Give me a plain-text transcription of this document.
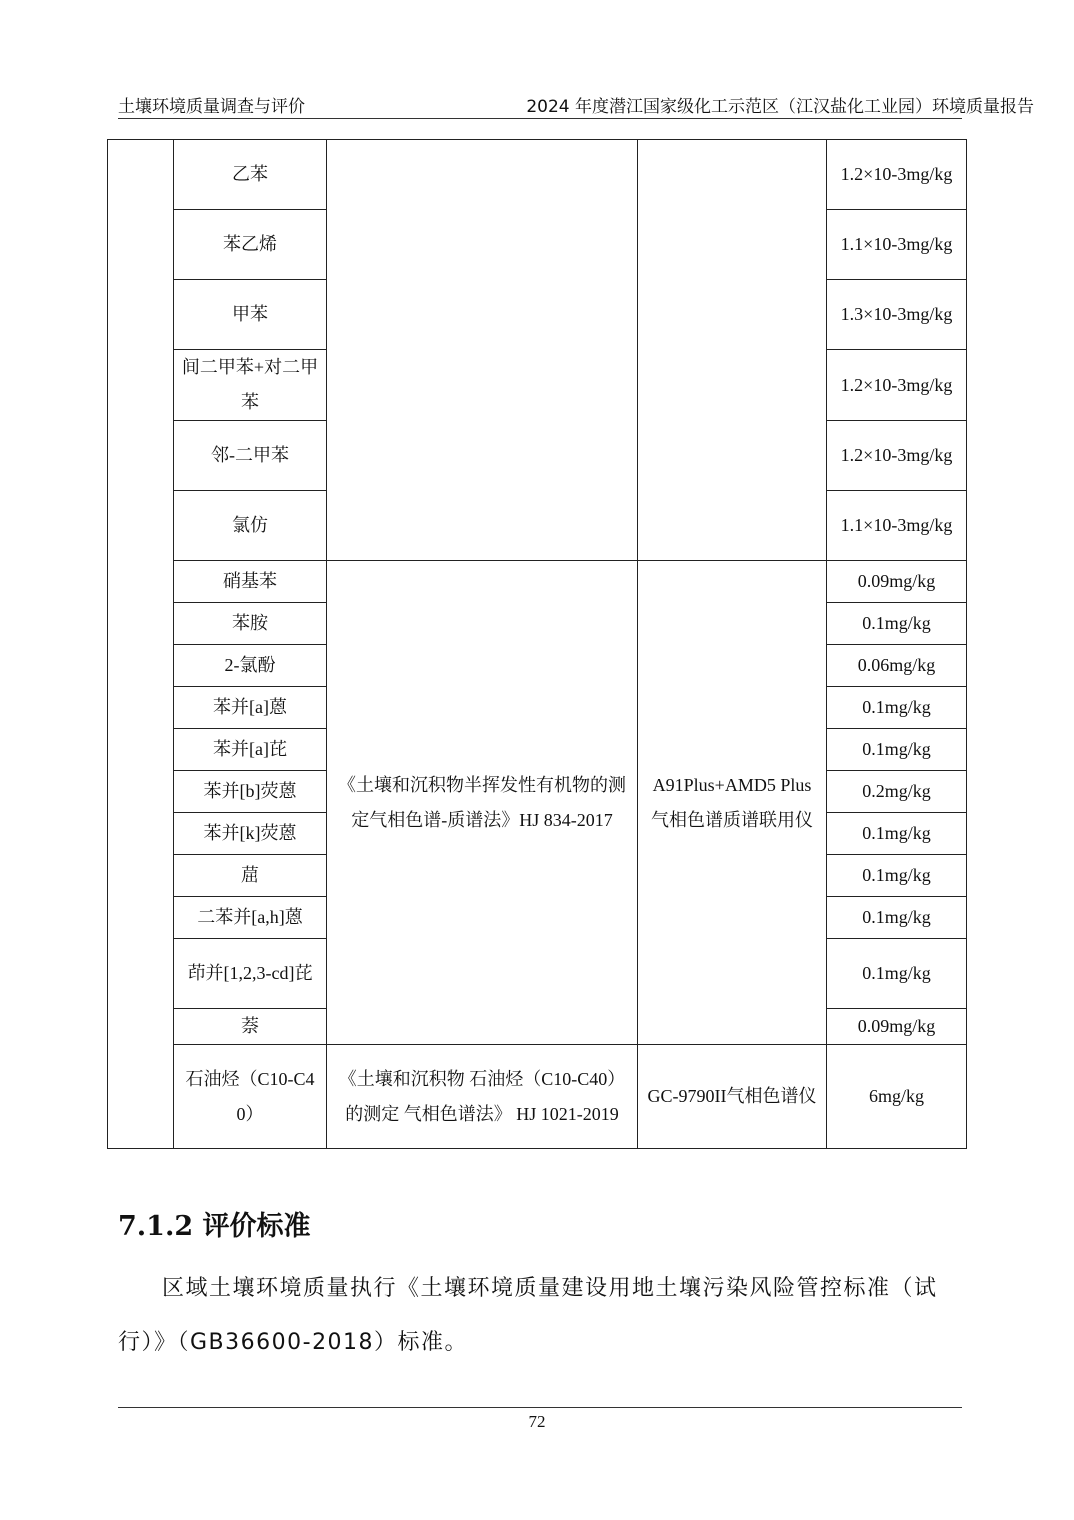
土壤环境质量调查与评价	2024 年度潜江国家级化工示范区（江汉盐化工业园）环境质量报告
	乙苯			1.2×10-3mg/kg
	苯乙烯			1.1×10-3mg/kg
	甲苯			1.3×10-3mg/kg
	间二甲苯+对二甲苯			1.2×10-3mg/kg
	邻-二甲苯			1.2×10-3mg/kg
	氯仿			1.1×10-3mg/kg
	硝基苯	《土壤和沉积物半挥发性有机物的测定气相色谱-质谱法》HJ 834-2017	A91Plus+AMD5 Plus 气相色谱质谱联用仪	0.09mg/kg
	苯胺			0.1mg/kg
	2-氯酚			0.06mg/kg
	苯并[a]蒽			0.1mg/kg
	苯并[a]芘			0.1mg/kg
	苯并[b]荧蒽			0.2mg/kg
	苯并[k]荧蒽			0.1mg/kg
	䓛			0.1mg/kg
	二苯并[a,h]蒽			0.1mg/kg
	茚并[1,2,3-cd]芘			0.1mg/kg
	萘			0.09mg/kg
	石油烃（C10-C40）	《土壤和沉积物 石油烃（C10-C40）的测定 气相色谱法》 HJ 1021-2019	GC-9790II气相色谱仪	6mg/kg
7.1.2 评价标准

区域土壤环境质量执行《土壤环境质量建设用地土壤污染风险管控标准（试行）》（GB36600-2018）标准。

72
